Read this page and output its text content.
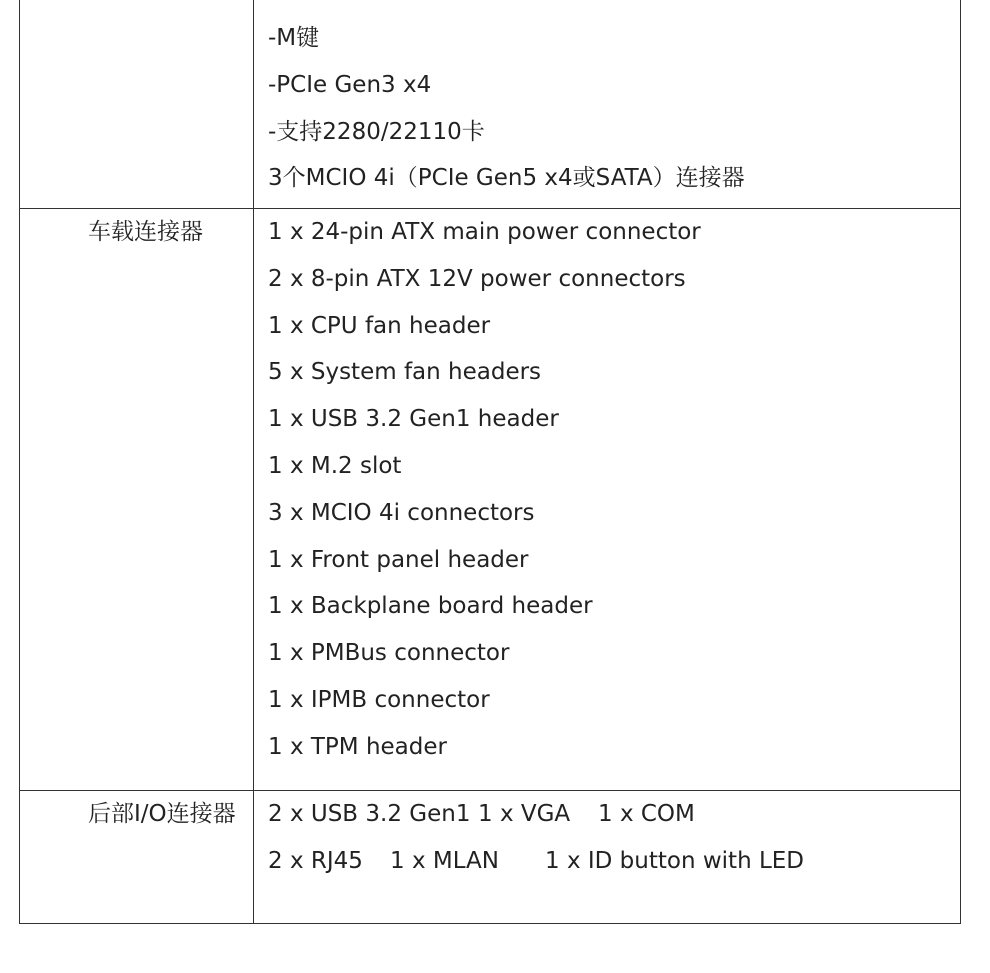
-M键
-PCIe Gen3 x4
-支持2280/22110卡
3个MCIO 4i（PCIe Gen5 x4或SATA）连接器
车载连接器	1 x 24-pin ATX main power connector
2 x 8-pin ATX 12V power connectors
1 x CPU fan header
5 x System fan headers
1 x USB 3.2 Gen1 header
1 x M.2 slot
3 x MCIO 4i connectors
1 x Front panel header
1 x Backplane board header
1 x PMBus connector
1 x IPMB connector
1 x TPM header
后部I/O连接器 2 x USB 3.2 Gen1 1 x VGA 1 x COM
2 x RJ45 1 x MLAN 1 x ID button with LED
